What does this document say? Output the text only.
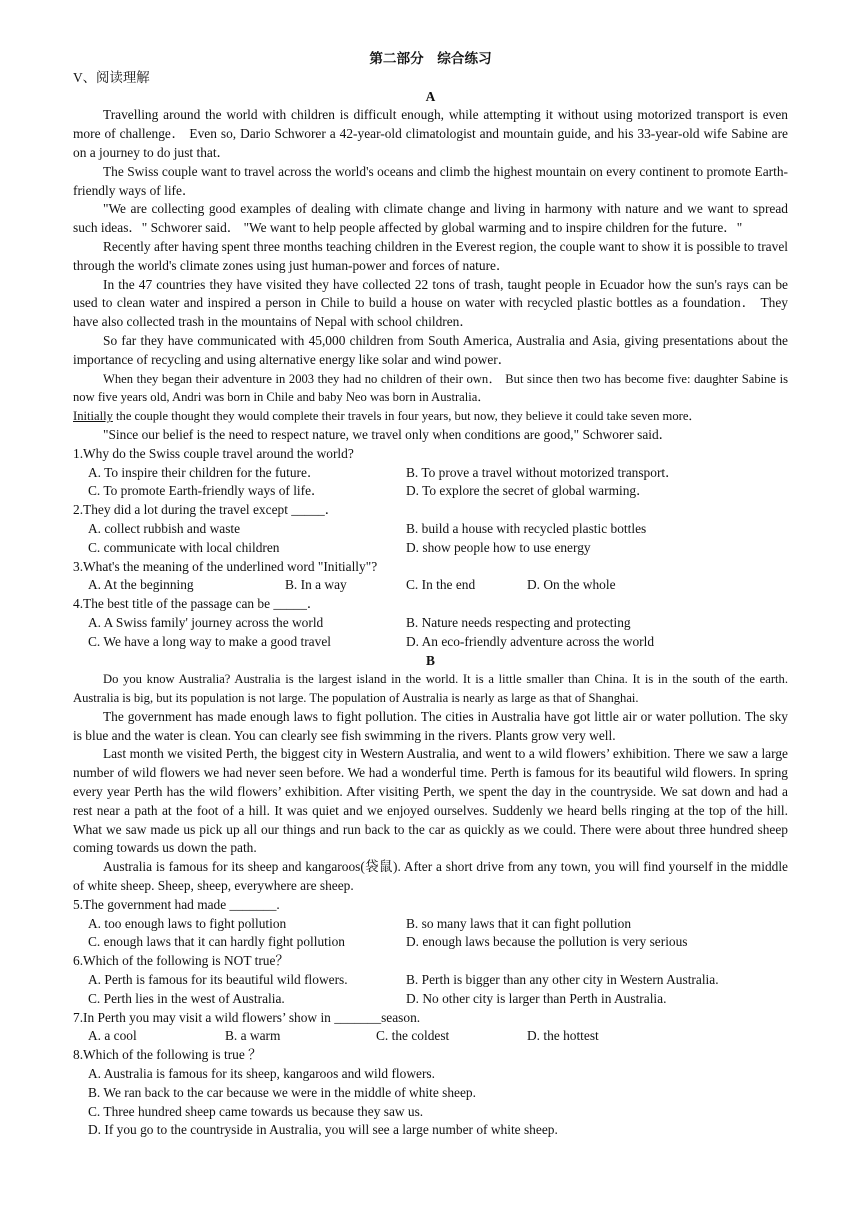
第二部分　综合练习
V、阅读理解
A

Travelling around the world with children is difficult enough, while attempting it without using motorized transport is even more of challenge． Even so, Dario Schworer a 42-year-old climatologist and mountain guide, and his 33-year-old wife Sabine are on a journey to do just that．

The Swiss couple want to travel across the world's oceans and climb the highest mountain on every continent to promote Earth-friendly ways of life．

"We are collecting good examples of dealing with climate change and living in harmony with nature and we want to spread such ideas．" Schworer said． "We want to help people affected by global warming and to inspire children for the future．"

Recently after having spent three months teaching children in the Everest region, the couple want to show it is possible to travel through the world's climate zones using just human-power and forces of nature．

In the 47 countries they have visited they have collected 22 tons of trash, taught people in Ecuador how the sun's rays can be used to clean water and inspired a person in Chile to build a house on water with recycled plastic bottles as a foundation． They have also collected trash in the mountains of Nepal with school children．

So far they have communicated with 45,000 children from South America, Australia and Asia, giving presentations about the importance of recycling and using alternative energy like solar and wind power．

When they began their adventure in 2003 they had no children of their own． But since then two has become five: daughter Sabine is now five years old, Andri was born in Chile and baby Neo was born in Australia．

Initially the couple thought they would complete their travels in four years, but now, they believe it could take seven more．

"Since our belief is the need to respect nature, we travel only when conditions are good," Schworer said．

1.Why do the Swiss couple travel around the world?
A. To inspire their children for the future．	B. To prove a travel without motorized transport．
C. To promote Earth-friendly ways of life．	D. To explore the secret of global warming．
2.They did a lot during the travel except _____．
A. collect rubbish and waste	B. build a house with recycled plastic bottles
C. communicate with local children	D. show people how to use energy
3.What's the meaning of the underlined word "Initially"?
A. At the beginning	B. In a way	C. In the end	D. On the whole
4.The best title of the passage can be _____．
A. A Swiss family' journey across the world	B. Nature needs respecting and protecting
C. We have a long way to make a good travel	D. An eco-friendly adventure across the world
B

Do you know Australia? Australia is the largest island in the world. It is a little smaller than China. It is in the south of the earth. Australia is big, but its population is not large. The population of Australia is nearly as large as that of Shanghai.

The government has made enough laws to fight pollution. The cities in Australia have got little air or water pollution. The sky is blue and the water is clean. You can clearly see fish swimming in the rivers. Plants grow very well.

Last month we visited Perth, the biggest city in Western Australia, and went to a wild flowers’ exhibition. There we saw a large number of wild flowers we had never seen before. We had a wonderful time. Perth is famous for its beautiful wild flowers. In spring every year Perth has the wild flowers’ exhibition. After visiting Perth, we spent the day in the countryside. We sat down and had a rest near a path at the foot of a hill. It was quiet and we enjoyed ourselves. Suddenly we heard bells ringing at the top of the hill. What we saw made us pick up all our things and run back to the car as quickly as we could. There were about three hundred sheep coming towards us down the path.

Australia is famous for its sheep and kangaroos(袋鼠). After a short drive from any town, you will find yourself in the middle of white sheep. Sheep, sheep, everywhere are sheep.

5.The government had made _______.
A. too enough laws to fight pollution	B. so many laws that it can fight pollution
C. enough laws that it can hardly fight pollution	D. enough laws because the pollution is very serious
6.Which of the following is NOT true？
A. Perth is famous for its beautiful wild flowers.	B. Perth is bigger than any other city in Western Australia.
C. Perth lies in the west of Australia.	D. No other city is larger than Perth in Australia.
7.In Perth you may visit a wild flowers’ show in _______season.
A. a cool	B. a warm	C. the coldest	D. the hottest
8.Which of the following is true ？
A. Australia is famous for its sheep, kangaroos and wild flowers.
B. We ran back to the car because we were in the middle of white sheep.
C. Three hundred sheep came towards us because they saw us.
D. If you go to the countryside in Australia, you will see a large number of white sheep.
